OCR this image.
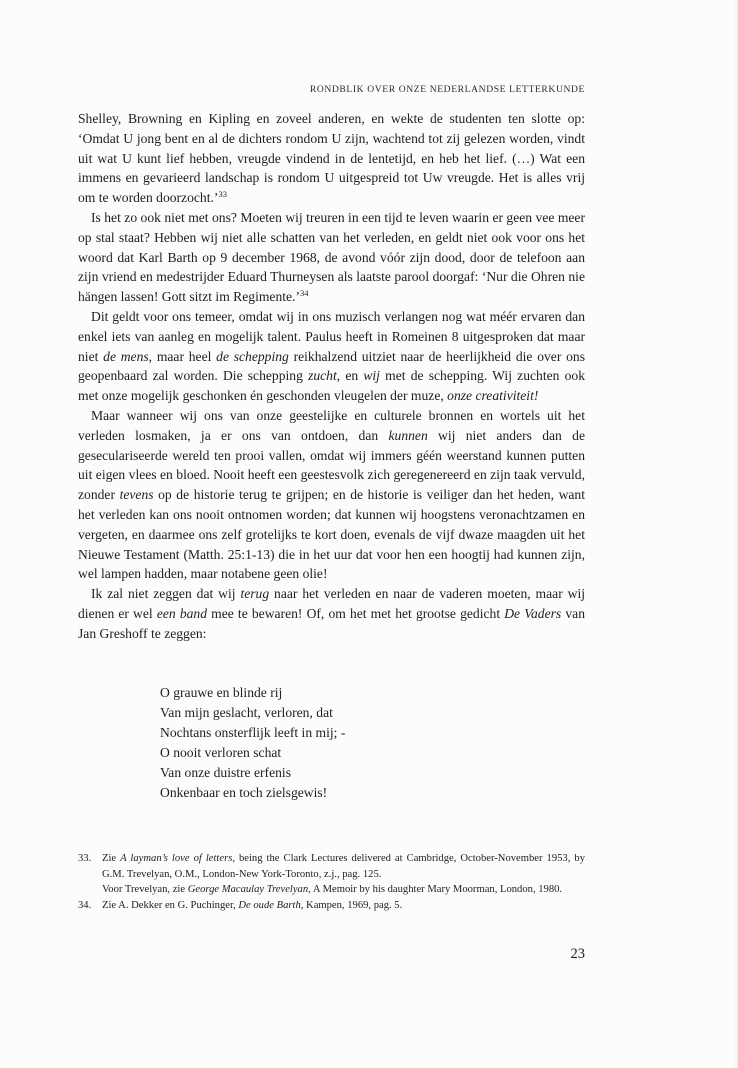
RONDBLIK OVER ONZE NEDERLANDSE LETTERKUNDE

Shelley, Browning en Kipling en zoveel anderen, en wekte de studenten ten slotte op: ‘Omdat U jong bent en al de dichters rondom U zijn, wachtend tot zij gelezen worden, vindt uit wat U kunt lief hebben, vreugde vindend in de lentetijd, en heb het lief. (…) Wat een immens en gevarieerd landschap is rondom U uitgespreid tot Uw vreugde. Het is alles vrij om te worden doorzocht.’$^{33}$

Is het zo ook niet met ons? Moeten wij treuren in een tijd te leven waarin er geen vee meer op stal staat? Hebben wij niet alle schatten van het verleden, en geldt niet ook voor ons het woord dat Karl Barth op 9 december 1968, de avond vóór zijn dood, door de telefoon aan zijn vriend en medestrijder Eduard Thurneysen als laatste parool doorgaf: ‘Nur die Ohren nie hängen lassen! Gott sitzt im Regimente.’$^{34}$

Dit geldt voor ons temeer, omdat wij in ons muzisch verlangen nog wat méér ervaren dan enkel iets van aanleg en mogelijk talent. Paulus heeft in Romeinen 8 uitgesproken dat maar niet de mens, maar heel de schepping reikhalzend uitziet naar de heerlijkheid die over ons geopenbaard zal worden. Die schepping zucht, en wij met de schepping. Wij zuchten ook met onze mogelijk geschonken én geschonden vleugelen der muze, onze creativiteit!

Maar wanneer wij ons van onze geestelijke en culturele bronnen en wortels uit het verleden losmaken, ja er ons van ontdoen, dan kunnen wij niet anders dan de geseculariseerde wereld ten prooi vallen, omdat wij immers géén weerstand kunnen putten uit eigen vlees en bloed. Nooit heeft een geestesvolk zich geregenereerd en zijn taak vervuld, zonder tevens op de historie terug te grijpen; en de historie is veiliger dan het heden, want het verleden kan ons nooit ontnomen worden; dat kunnen wij hoogstens veronachtzamen en vergeten, en daarmee ons zelf grotelijks te kort doen, evenals de vijf dwaze maagden uit het Nieuwe Testament (Matth. 25:1-13) die in het uur dat voor hen een hoogtij had kunnen zijn, wel lampen hadden, maar notabene geen olie!

Ik zal niet zeggen dat wij terug naar het verleden en naar de vaderen moeten, maar wij dienen er wel een band mee te bewaren! Of, om het met het grootse gedicht De Vaders van Jan Greshoff te zeggen:

O grauwe en blinde rij
Van mijn geslacht, verloren, dat
Nochtans onsterflijk leeft in mij; -
O nooit verloren schat
Van onze duistre erfenis
Onkenbaar en toch zielsgewis!
33. Zie A layman’s love of letters, being the Clark Lectures delivered at Cambridge, October-November 1953, by G.M. Trevelyan, O.M., London-New York-Toronto, z.j., pag. 125.
Voor Trevelyan, zie George Macaulay Trevelyan, A Memoir by his daughter Mary Moorman, London, 1980.
34. Zie A. Dekker en G. Puchinger, De oude Barth, Kampen, 1969, pag. 5.
23
